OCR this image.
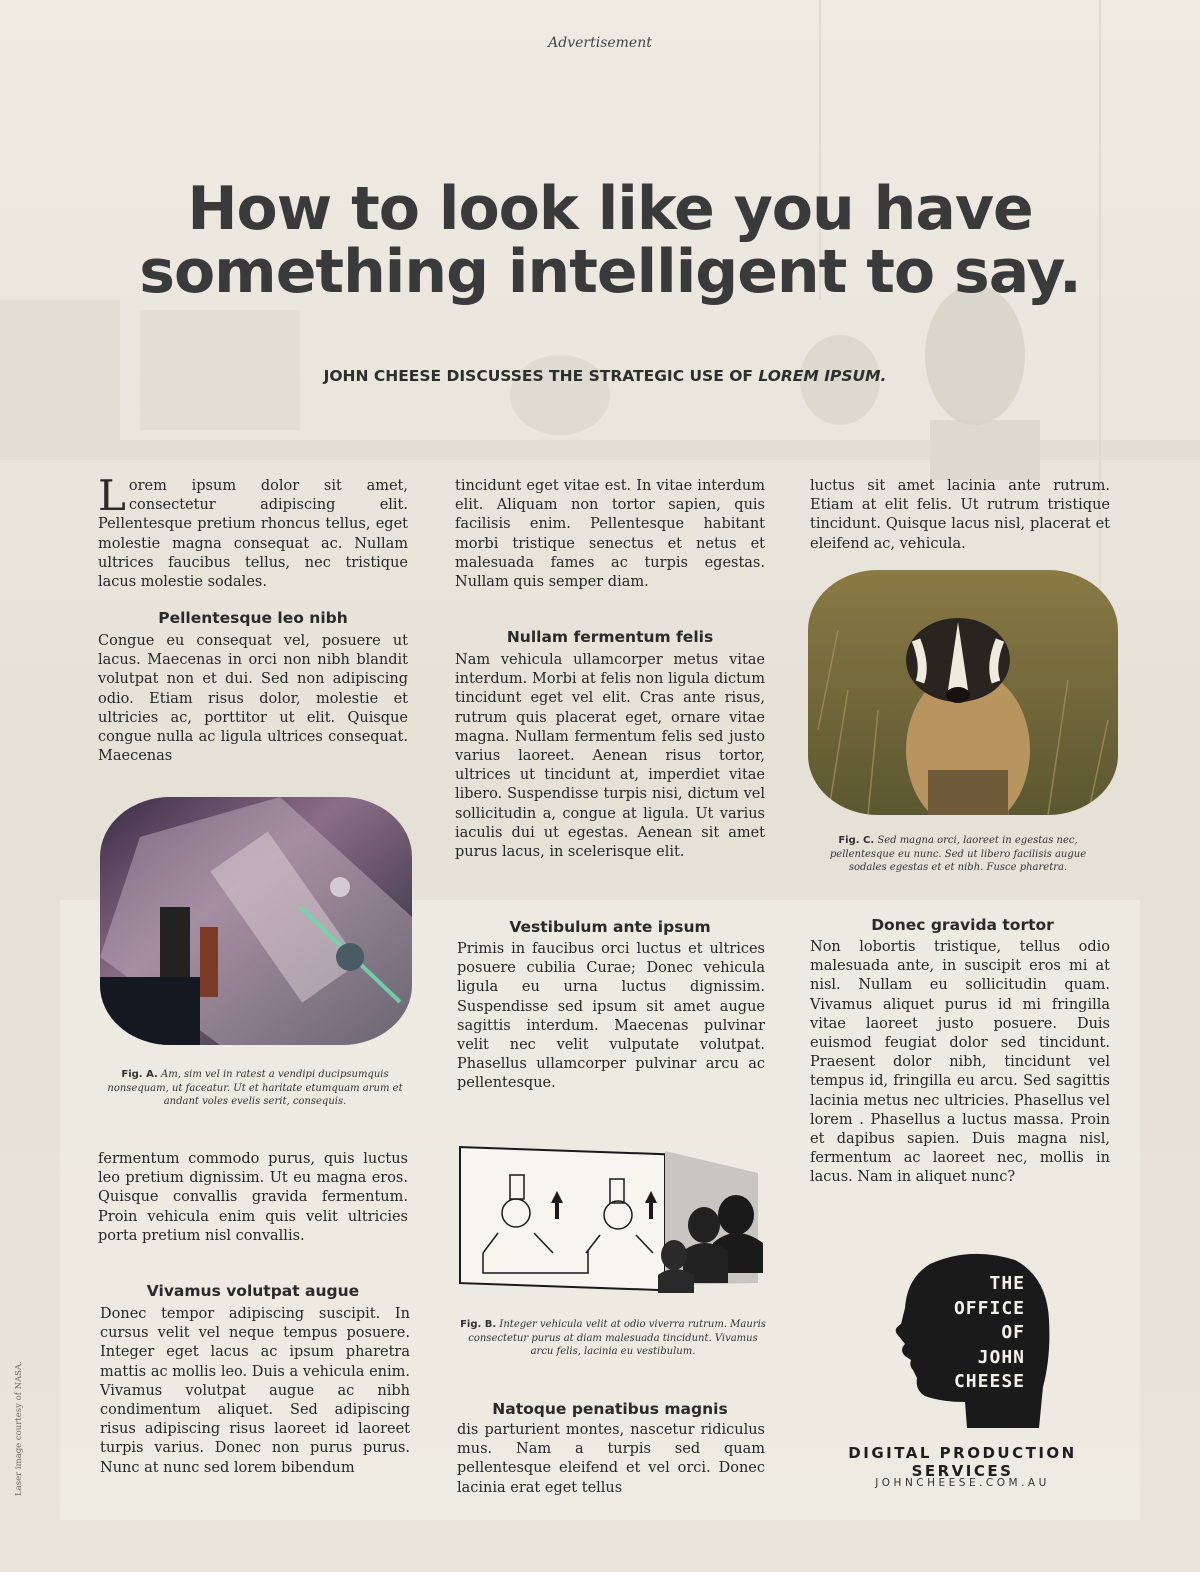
Advertisement
How to look like you have
something intelligent to say.
JOHN CHEESE DISCUSSES THE STRATEGIC USE OF LOREM IPSUM.
Lorem ipsum dolor sit amet, consectetur adipiscing elit. Pellentesque pretium rhoncus tellus, eget molestie magna consequat ac. Nullam ultrices faucibus tellus, nec tristique lacus molestie sodales.
Pellentesque leo nibh
Congue eu consequat vel, posuere ut lacus. Maecenas in orci non nibh blandit volutpat non et dui. Sed non adipiscing odio. Etiam risus dolor, molestie et ultricies ac, porttitor ut elit. Quisque congue nulla ac ligula ultrices consequat. Maecenas
Fig. A. Am, sim vel in ratest a vendipi ducipsumquis nonsequam, ut faceatur. Ut et haritate etumquam arum et andant voles evelis serit, consequis.
fermentum commodo purus, quis luctus leo pretium dignissim. Ut eu magna eros. Quisque convallis gravida fermentum. Proin vehicula enim quis velit ultricies porta pretium nisl convallis.
Vivamus volutpat augue
Donec tempor adipiscing suscipit. In cursus velit vel neque tempus posuere. Integer eget lacus ac ipsum pharetra mattis ac mollis leo. Duis a vehicula enim. Vivamus volutpat augue ac nibh condimentum aliquet. Sed adipiscing risus adipiscing risus laoreet id laoreet turpis varius. Donec non purus purus. Nunc at nunc sed lorem bibendum
tincidunt eget vitae est. In vitae interdum elit. Aliquam non tortor sapien, quis facilisis enim. Pellentesque habitant morbi tristique senectus et netus et malesuada fames ac turpis egestas. Nullam quis semper diam.
Nullam fermentum felis
Nam vehicula ullamcorper metus vitae interdum. Morbi at felis non ligula dictum tincidunt eget vel elit. Cras ante risus, rutrum quis placerat eget, ornare vitae magna. Nullam fermentum felis sed justo varius laoreet. Aenean risus tortor, ultrices ut tincidunt at, imperdiet vitae libero. Suspendisse turpis nisi, dictum vel sollicitudin a, congue at ligula. Ut varius iaculis dui ut egestas. Aenean sit amet purus lacus, in scelerisque elit.
Vestibulum ante ipsum
Primis in faucibus orci luctus et ultrices posuere cubilia Curae; Donec vehicula ligula eu urna luctus dignissim. Suspendisse sed ipsum sit amet augue sagittis interdum. Maecenas pulvinar velit nec velit vulputate volutpat. Phasellus ullamcorper pulvinar arcu ac pellentesque.
Fig. B. Integer vehicula velit at odio viverra rutrum. Mauris consectetur purus at diam malesuada tincidunt. Vivamus arcu felis, lacinia eu vestibulum.
Natoque penatibus magnis
dis parturient montes, nascetur ridiculus mus. Nam a turpis sed quam pellentesque eleifend et vel orci. Donec lacinia erat eget tellus
luctus sit amet lacinia ante rutrum. Etiam at elit felis. Ut rutrum tristique tincidunt. Quisque lacus nisl, placerat et eleifend ac, vehicula.
Fig. C. Sed magna orci, laoreet in egestas nec, pellentesque eu nunc. Sed ut libero facilisis augue sodales egestas et et nibh. Fusce pharetra.
Donec gravida tortor
Non lobortis tristique, tellus odio malesuada ante, in suscipit eros mi at nisl. Nullam eu sollicitudin quam. Vivamus aliquet purus id mi fringilla vitae laoreet justo posuere. Duis euismod feugiat dolor sed tincidunt. Praesent dolor nibh, tincidunt vel tempus id, fringilla eu arcu. Sed sagittis lacinia metus nec ultricies. Phasellus vel lorem . Phasellus a luctus massa. Proin et dapibus sapien. Duis magna nisl, fermentum ac laoreet nec, mollis in lacus. Nam in aliquet nunc?
THE
OFFICE
OF
JOHN
CHEESE
DIGITAL PRODUCTION SERVICES
JOHNCHEESE.COM.AU
Laser image courtesy of NASA.
